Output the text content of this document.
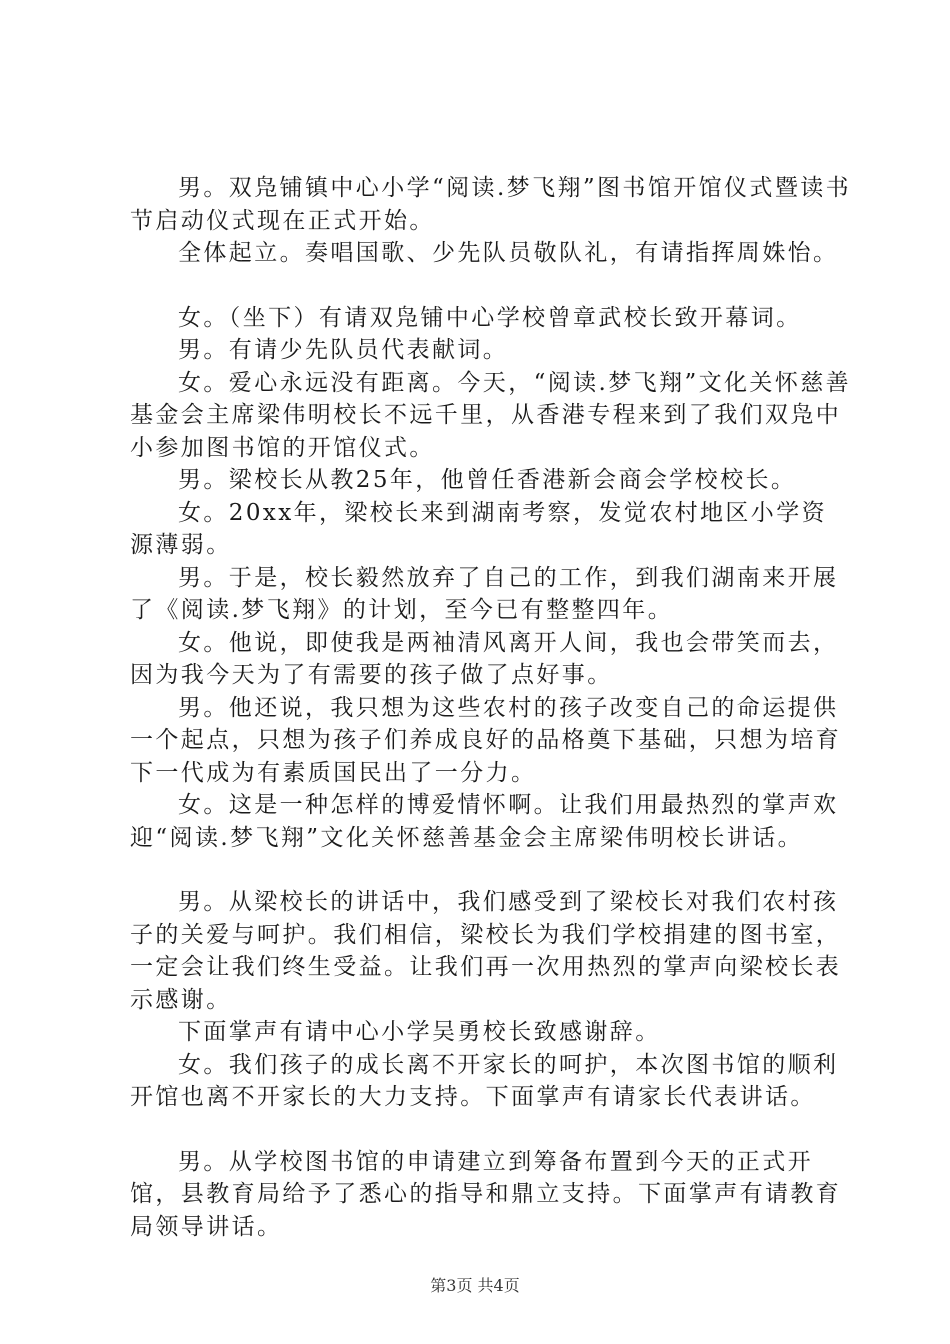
男。双凫铺镇中心小学“阅读.梦飞翔”图书馆开馆仪式暨读书节启动仪式现在正式开始。

全体起立。奏唱国歌、少先队员敬队礼，有请指挥周姝怡。

女。（坐下）有请双凫铺中心学校曾章武校长致开幕词。

男。有请少先队员代表献词。

女。爱心永远没有距离。今天，“阅读.梦飞翔”文化关怀慈善基金会主席梁伟明校长不远千里，从香港专程来到了我们双凫中小参加图书馆的开馆仪式。

男。梁校长从教25年，他曾任香港新会商会学校校长。

女。20xx年，梁校长来到湖南考察，发觉农村地区小学资源薄弱。

男。于是，校长毅然放弃了自己的工作，到我们湖南来开展了《阅读.梦飞翔》的计划，至今已有整整四年。

女。他说，即使我是两袖清风离开人间，我也会带笑而去，因为我今天为了有需要的孩子做了点好事。

男。他还说，我只想为这些农村的孩子改变自己的命运提供一个起点，只想为孩子们养成良好的品格奠下基础，只想为培育下一代成为有素质国民出了一分力。

女。这是一种怎样的博爱情怀啊。让我们用最热烈的掌声欢迎“阅读.梦飞翔”文化关怀慈善基金会主席梁伟明校长讲话。

男。从梁校长的讲话中，我们感受到了梁校长对我们农村孩子的关爱与呵护。我们相信，梁校长为我们学校捐建的图书室，一定会让我们终生受益。让我们再一次用热烈的掌声向梁校长表示感谢。

下面掌声有请中心小学吴勇校长致感谢辞。

女。我们孩子的成长离不开家长的呵护，本次图书馆的顺利开馆也离不开家长的大力支持。下面掌声有请家长代表讲话。

男。从学校图书馆的申请建立到筹备布置到今天的正式开馆，县教育局给予了悉心的指导和鼎立支持。下面掌声有请教育局领导讲话。

第3页 共4页
